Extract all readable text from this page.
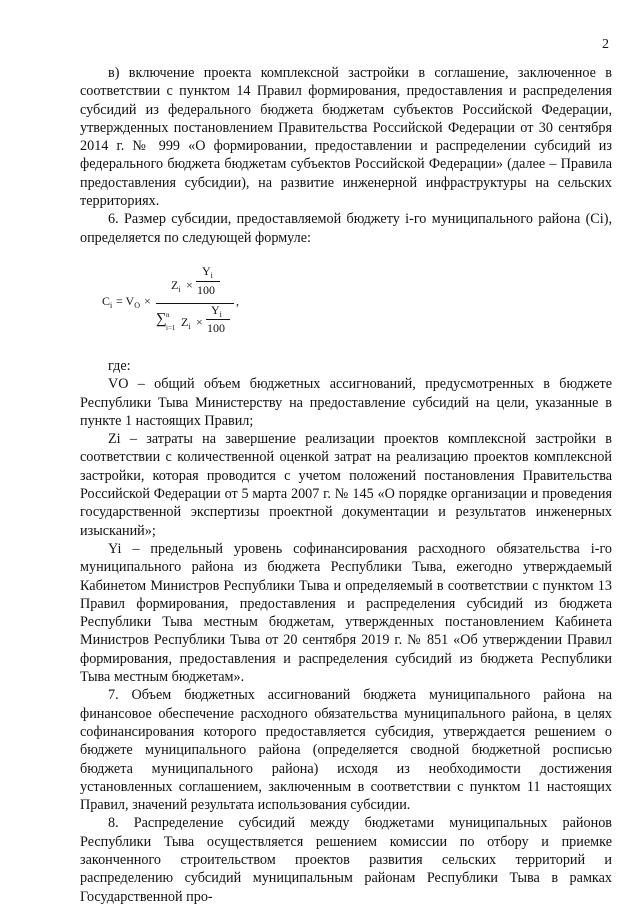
2

в) включение проекта комплексной застройки в соглашение, заключенное в соответствии с пунктом 14 Правил формирования, предоставления и распределения субсидий из федерального бюджета бюджетам субъектов Российской Федерации, утвержденных постановлением Правительства Российской Федерации от 30 сентября 2014 г. № 999 «О формировании, предоставлении и распределении субсидий из федерального бюджета бюджетам субъектов Российской Федерации» (далее – Правила предоставления субсидии), на развитие инженерной инфраструктуры на сельских территориях.

6. Размер субсидии, предоставляемой бюджету i-го муниципального района (Ci), определяется по следующей формуле:

$C_i = V_O$ ×
$Z_i$ ×
$Y_i$
100
∑ n
i=1 $Z_i$ ×
$Y_i$
100
,

где:

VO – общий объем бюджетных ассигнований, предусмотренных в бюджете Республики Тыва Министерству на предоставление субсидий на цели, указанные в пункте 1 настоящих Правил;

Zi – затраты на завершение реализации проектов комплексной застройки в соответствии с количественной оценкой затрат на реализацию проектов комплексной застройки, которая проводится с учетом положений постановления Правительства Российской Федерации от 5 марта 2007 г. № 145 «О порядке организации и проведения государственной экспертизы проектной документации и результатов инженерных изысканий»;

Yi – предельный уровень софинансирования расходного обязательства i-го муниципального района из бюджета Республики Тыва, ежегодно утверждаемый Кабинетом Министров Республики Тыва и определяемый в соответствии с пунктом 13 Правил формирования, предоставления и распределения субсидий из бюджета Республики Тыва местным бюджетам, утвержденных постановлением Кабинета Министров Республики Тыва от 20 сентября 2019 г. № 851 «Об утверждении Правил формирования, предоставления и распределения субсидий из бюджета Республики Тыва местным бюджетам».

7. Объем бюджетных ассигнований бюджета муниципального района на финансовое обеспечение расходного обязательства муниципального района, в целях софинансирования которого предоставляется субсидия, утверждается решением о бюджете муниципального района (определяется сводной бюджетной росписью бюджета муниципального района) исходя из необходимости достижения установленных соглашением, заключенным в соответствии с пунктом 11 настоящих Правил, значений результата использования субсидии.

8. Распределение субсидий между бюджетами муниципальных районов Республики Тыва осуществляется решением комиссии по отбору и приемке законченного строительством проектов развития сельских территорий и распределению субсидий муниципальным районам Республики Тыва в рамках Государственной про-
